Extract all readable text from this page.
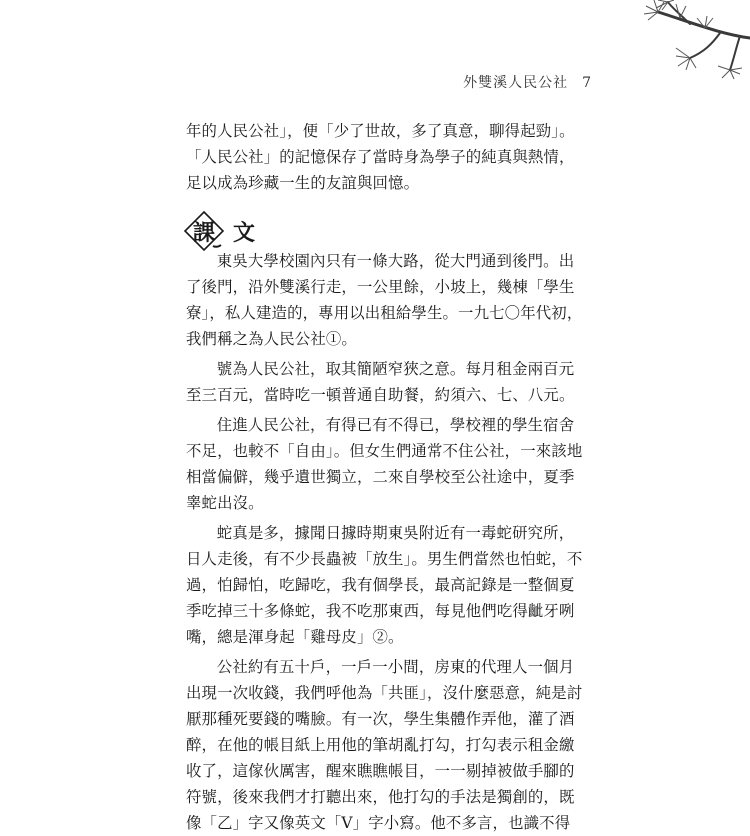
外雙溪人民公社 7

年的人民公社」，便「少了世故，多了真意，聊得起勁」。「人民公社」的記憶保存了當時身為學子的純真與熱情，足以成為珍藏一生的友誼與回憶。

課 文

東吳大學校園內只有一條大路，從大門通到後門。出了後門，沿外雙溪行走，一公里餘，小坡上，幾棟「學生寮」，私人建造的，專用以出租給學生。一九七〇年代初，我們稱之為人民公社①。

號為人民公社，取其簡陋窄狹之意。每月租金兩百元至三百元，當時吃一頓普通自助餐，約須六、七、八元。

住進人民公社，有得已有不得已，學校裡的學生宿舍不足，也較不「自由」。但女生們通常不住公社，一來該地相當偏僻，幾乎遺世獨立，二來自學校至公社途中，夏季睾蛇出沒。

蛇真是多，據聞日據時期東吳附近有一毒蛇研究所，日人走後，有不少長蟲被「放生」。男生們當然也怕蛇，不過，怕歸怕，吃歸吃，我有個學長，最高記錄是一整個夏季吃掉三十多條蛇，我不吃那東西，每見他們吃得齜牙咧嘴，總是渾身起「雞母皮」②。

公社約有五十戶，一戶一小間，房東的代理人一個月出現一次收錢，我們呼他為「共匪」，沒什麼惡意，純是討厭那種死要錢的嘴臉。有一次，學生集體作弄他，灌了酒醉，在他的帳目紙上用他的筆胡亂打勾，打勾表示租金繳收了，這傢伙厲害，醒來瞧瞧帳目，一一剔掉被做手腳的符號，後來我們才打聽出來，他打勾的手法是獨創的，既像「乙」字又像英文「V」字小寫。他不多言，也識不得
